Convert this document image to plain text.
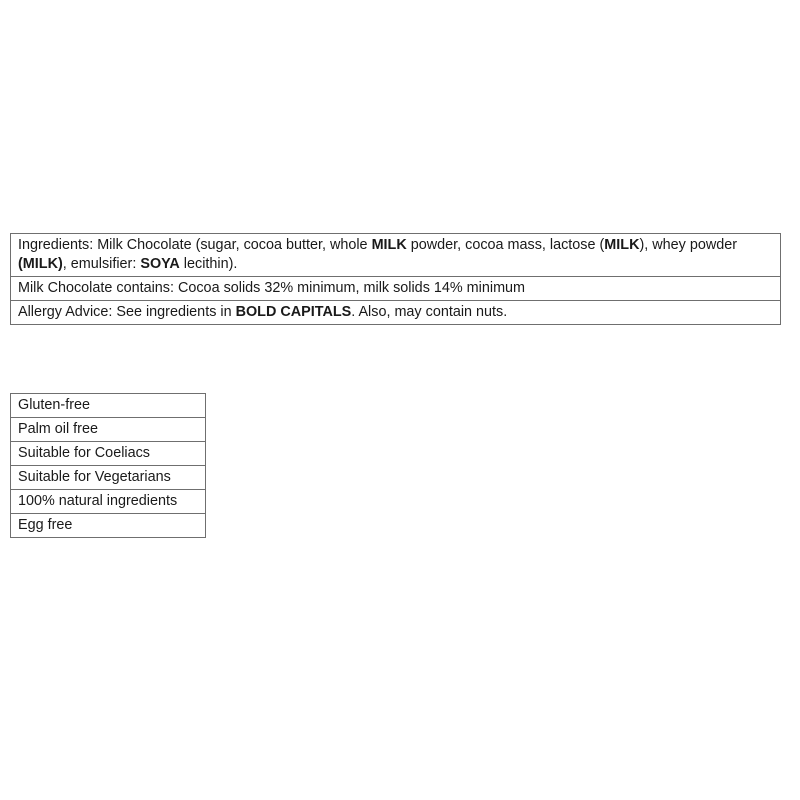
Ingredients: Milk Chocolate (sugar, cocoa butter, whole MILK powder, cocoa mass, lactose (MILK), whey powder (MILK), emulsifier: SOYA lecithin).
Milk Chocolate contains: Cocoa solids 32% minimum, milk solids 14% minimum
Allergy Advice: See ingredients in BOLD CAPITALS. Also, may contain nuts.
Gluten-free
Palm oil free
Suitable for Coeliacs
Suitable for Vegetarians
100% natural ingredients
Egg free
